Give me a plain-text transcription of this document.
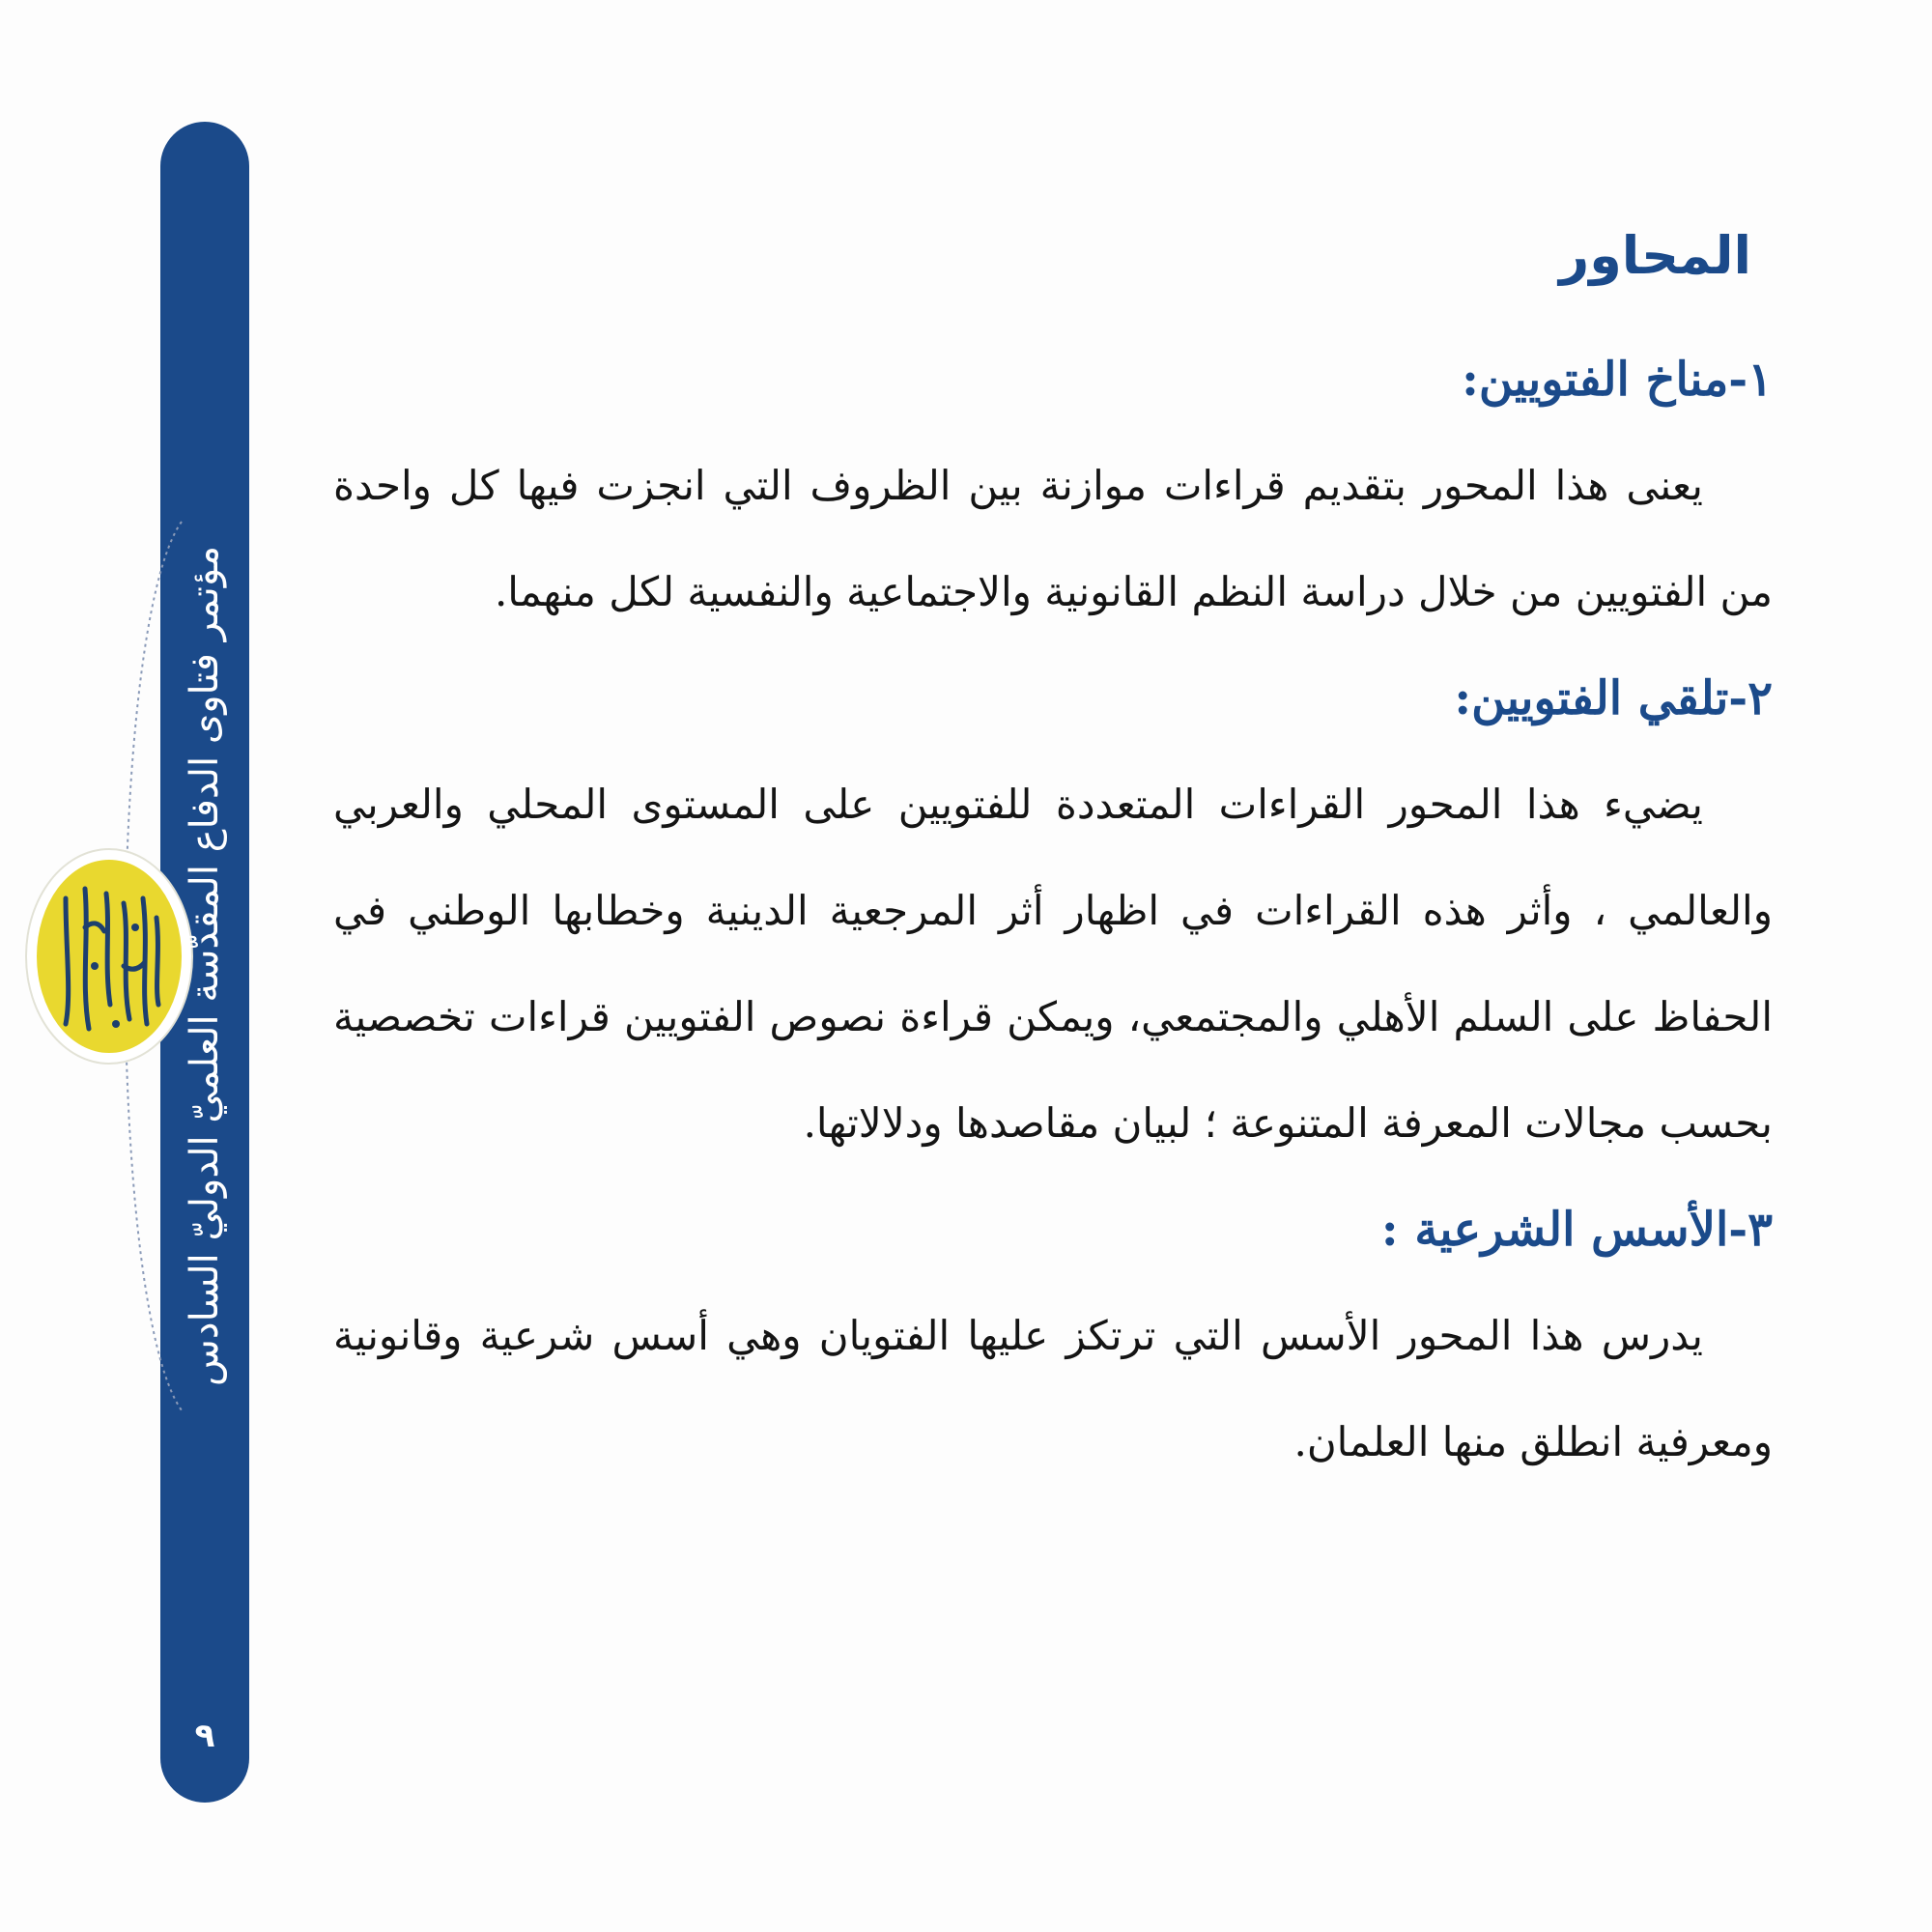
مؤتمر فتاوى الدفاع المقدّسة العلميّ الدوليّ السادس
٩
المحاور
١-مناخ الفتويين:

يعنى هذا المحور بتقديم قراءات موازنة بين الظروف التي انجزت فيها كل واحدة من الفتويين من خلال دراسة النظم القانونية والاجتماعية والنفسية لكل منهما.

٢-تلقي الفتويين:

يضيء هذا المحور القراءات المتعددة للفتويين على المستوى المحلي والعربي والعالمي ، وأثر هذه القراءات في اظهار أثر المرجعية الدينية وخطابها الوطني في الحفاظ على السلم الأهلي والمجتمعي، ويمكن قراءة نصوص الفتويين قراءات تخصصية بحسب مجالات المعرفة المتنوعة ؛ لبيان مقاصدها ودلالاتها.

٣-الأسس الشرعية :

يدرس هذا المحور الأسس التي ترتكز عليها الفتويان وهي أسس شرعية وقانونية ومعرفية انطلق منها العلمان.
